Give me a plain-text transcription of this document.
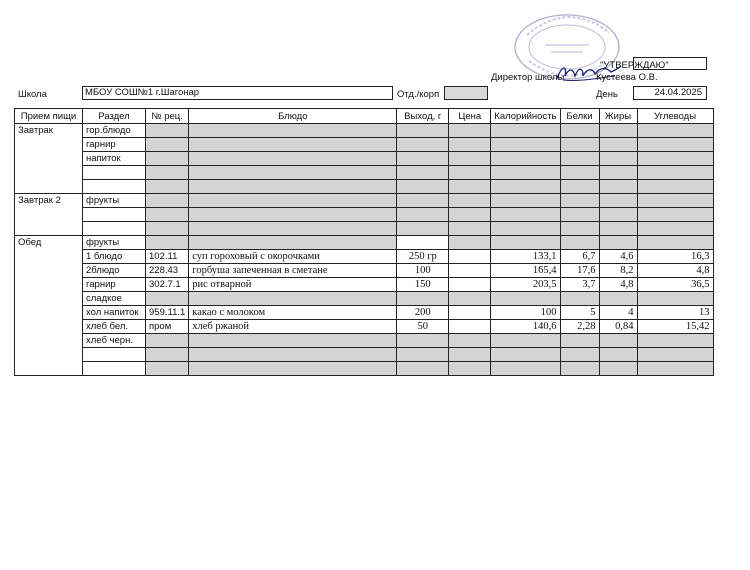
"УТВЕРЖДАЮ"
Директор школы	Кустеева О.В.
Школа	МБОУ СОШ№1 г.Шагонар	Отд./корп	День	24.04.2025
Прием пищи	Раздел	№ рец.	Блюдо	Выход, г	Цена	Калорийность	Белки	Жиры	Углеводы
Завтрак	гор.блюдо								
	гарнир								
	напиток								

Завтрак 2	фрукты								

Обед	фрукты								
	1 блюдо	102.11	суп гороховый с окорочками	250 гр		133,1	6,7	4,6	16,3
	2блюдо	228.43	горбуша запеченная в сметане	100		165,4	17,6	8,2	4,8
	гарнир	302.7.1	рис отварной	150		203,5	3,7	4,8	36,5
	сладкое								
	хол напиток	959.11.1	какао с молоком	200		100	5	4	13
	хлеб бел.	пром	хлеб ржаной	50		140,6	2,28	0,84	15,42
	хлеб черн.								
